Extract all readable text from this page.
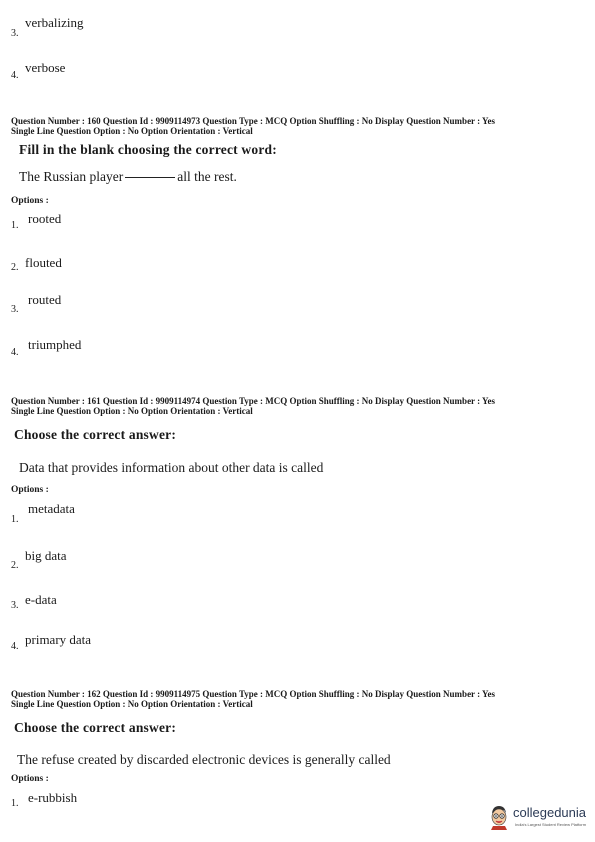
3.
verbalizing
4.
verbose
Question Number : 160 Question Id : 9909114973 Question Type : MCQ Option Shuffling : No Display Question Number : Yes
Single Line Question Option : No Option Orientation : Vertical
Fill in the blank choosing the correct word:
The Russian player	all the rest.
Options :
1. rooted
2. flouted
3.
routed
4.
triumphed
Question Number : 161 Question Id : 9909114974 Question Type : MCQ Option Shuffling : No Display Question Number : Yes
Single Line Question Option : No Option Orientation : Vertical
Choose the correct answer:
Data that provides information about other data is called
Options :
1.
metadata
2.
big data
3. e-data
4. primary data
Question Number : 162 Question Id : 9909114975 Question Type : MCQ Option Shuffling : No Display Question Number : Yes
Single Line Question Option : No Option Orientation : Vertical
Choose the correct answer:
The refuse created by discarded electronic devices is generally called
Options :
1. e-rubbish
collegedunia
India's Largest Student Review Platform
